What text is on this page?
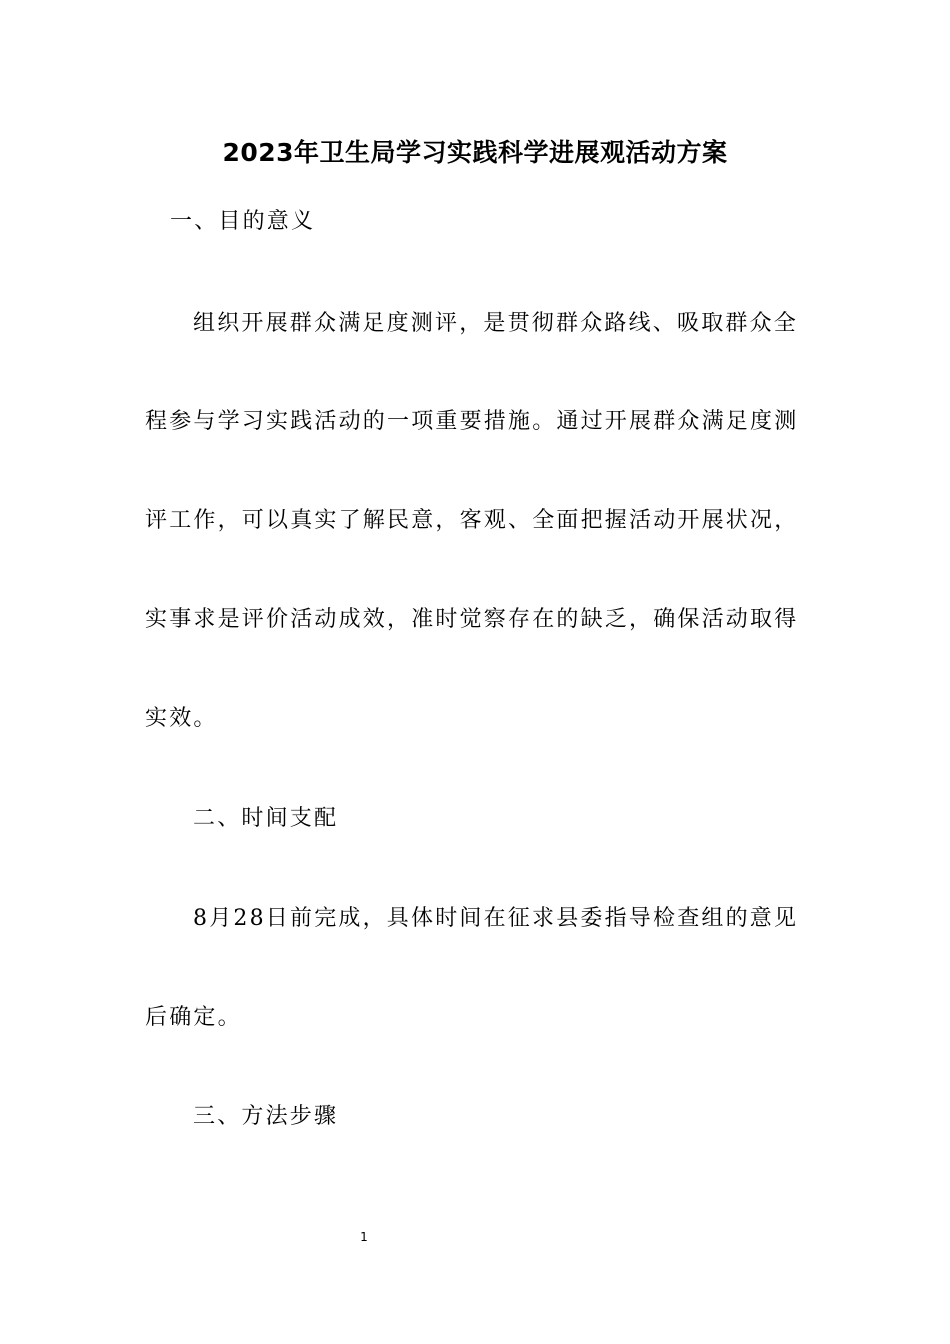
2023年卫生局学习实践科学进展观活动方案
一、目的意义
组织开展群众满足度测评，是贯彻群众路线、吸取群众全
程参与学习实践活动的一项重要措施。通过开展群众满足度测
评工作，可以真实了解民意，客观、全面把握活动开展状况，
实事求是评价活动成效，准时觉察存在的缺乏，确保活动取得
实效。
二、时间支配
8月28日前完成，具体时间在征求县委指导检查组的意见
后确定。
三、方法步骤
1
